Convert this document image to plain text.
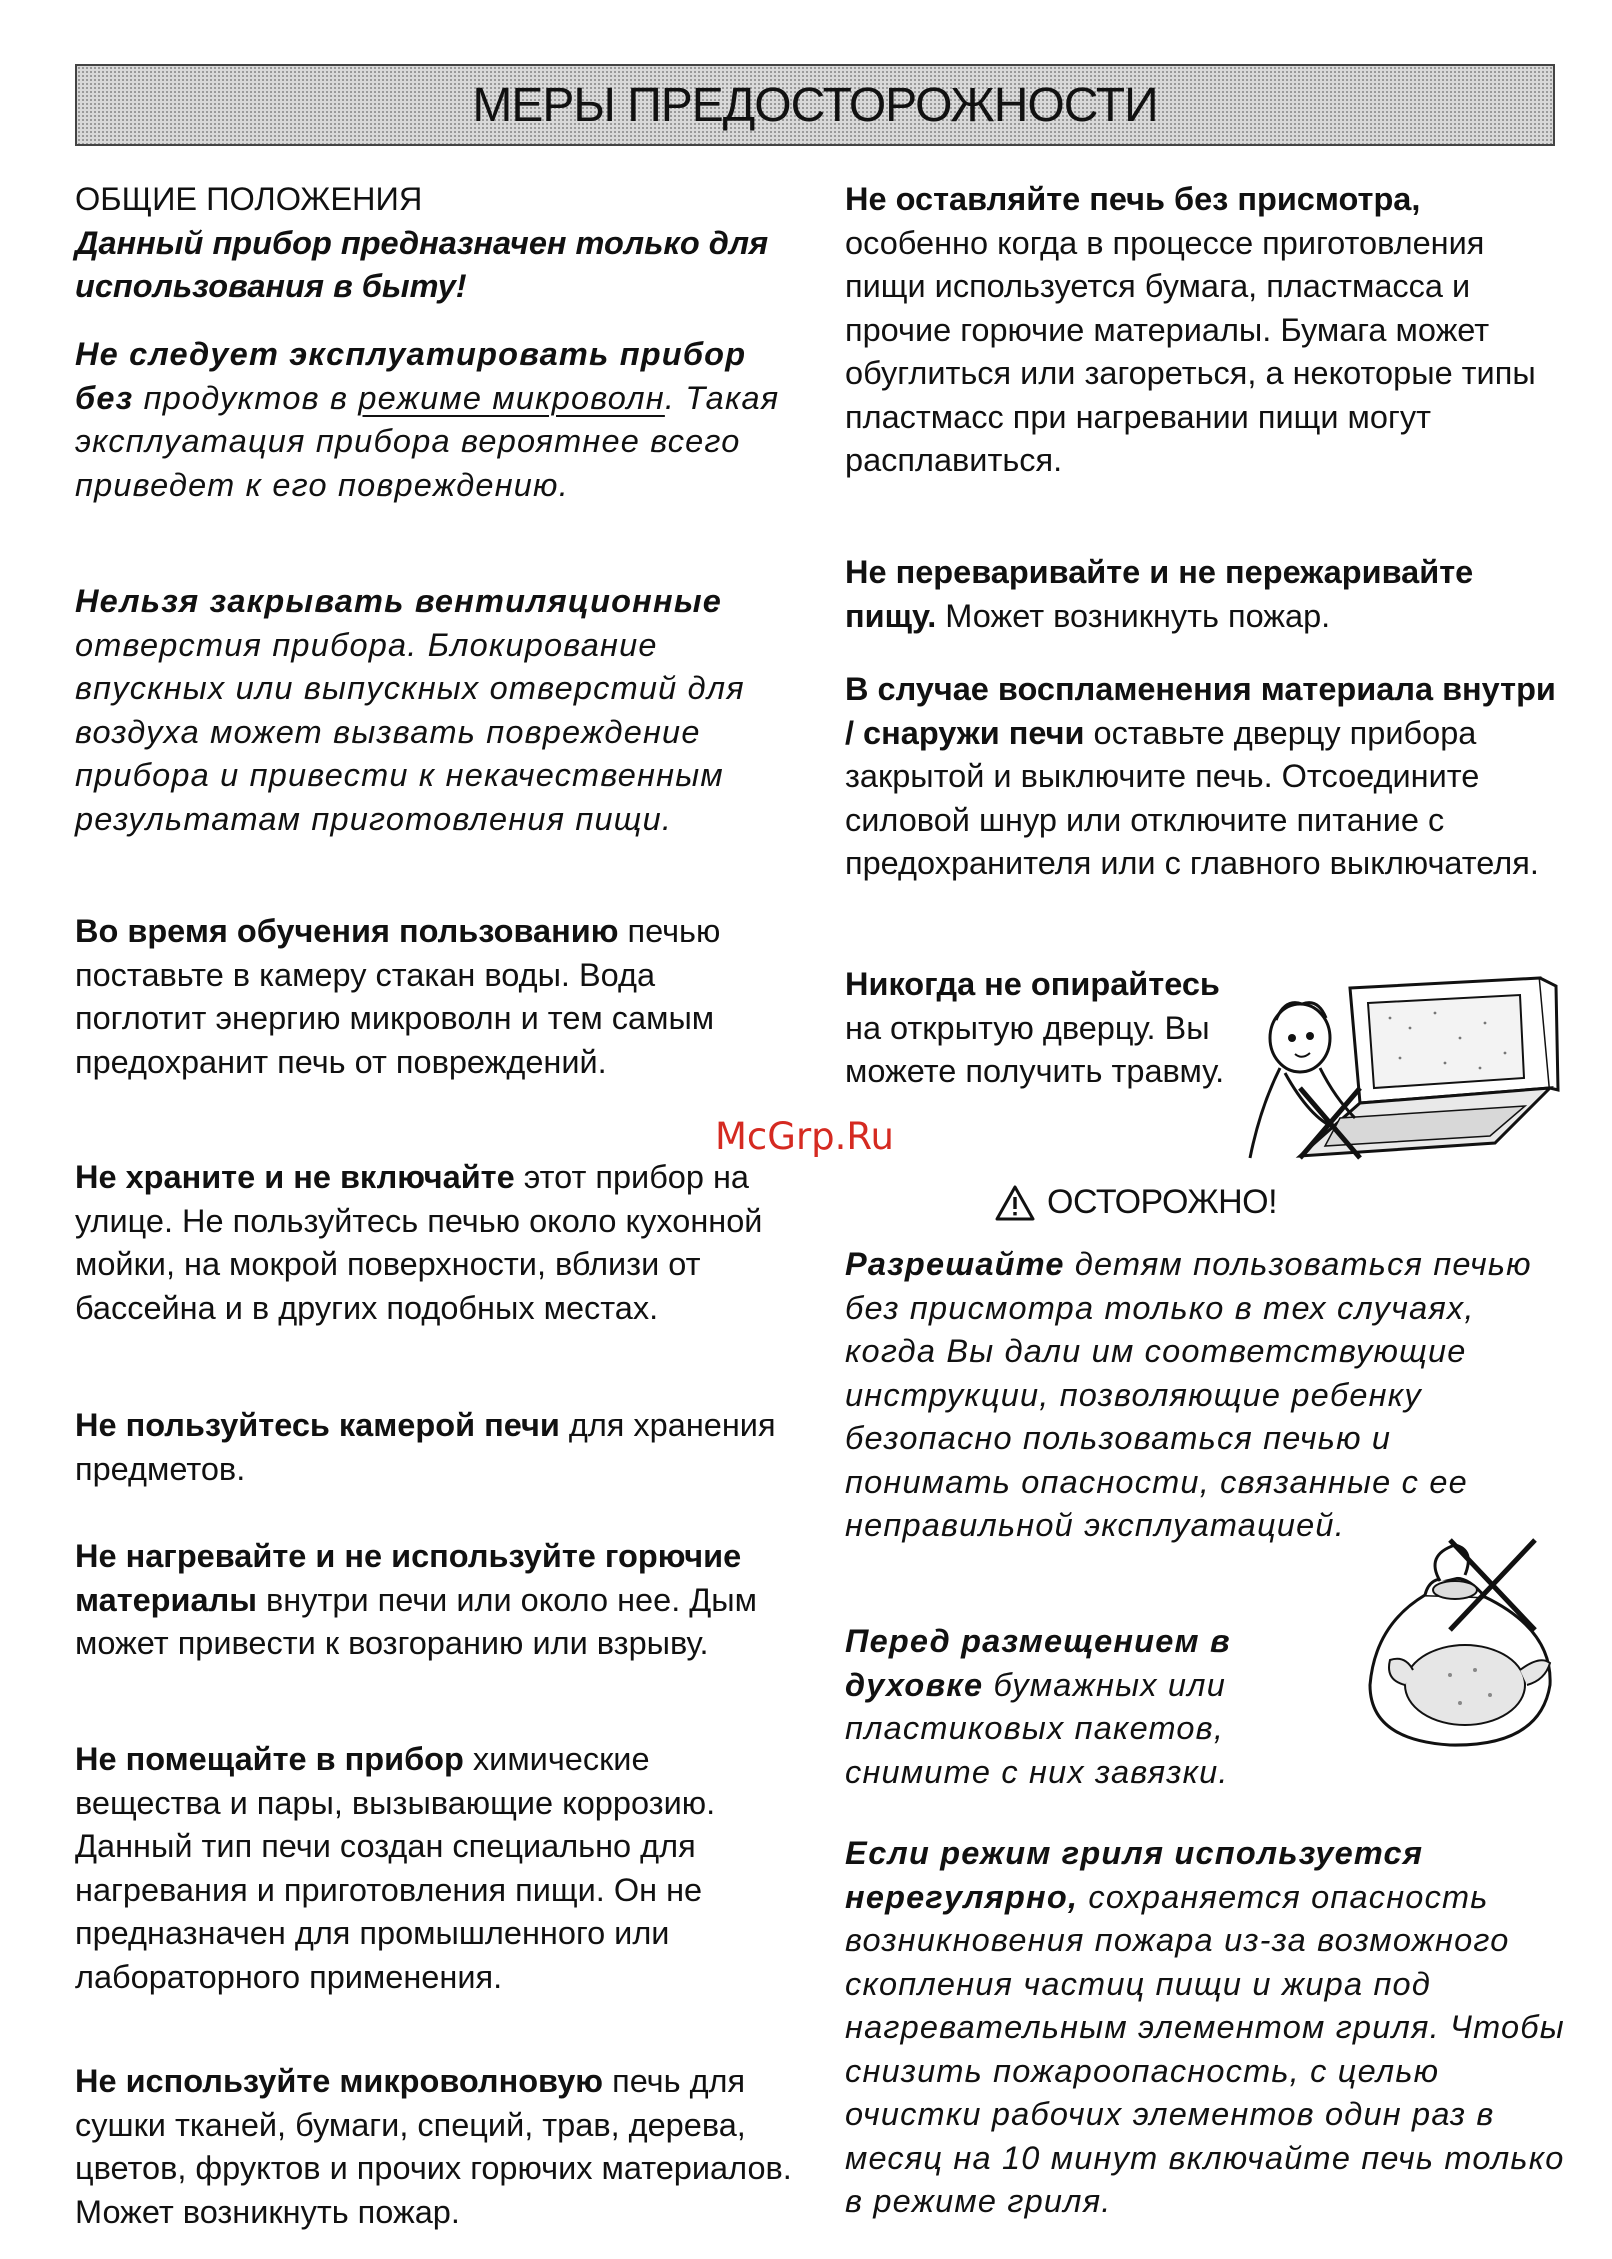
МЕРЫ ПРЕДОСТОРОЖНОСТИ
McGrp.Ru

ОБЩИЕ ПОЛОЖЕНИЯ

Данный прибор предназначен только для использования в быту!

Не следует эксплуатировать прибор без продуктов в режиме микроволн. Такая эксплуатация прибора вероятнее всего приведет к его повреждению.

Нельзя закрывать вентиляционные отверстия прибора. Блокирование впускных или выпускных отверстий для воздуха может вызвать повреждение прибора и привести к некачественным результатам приготовления пищи.

Во время обучения пользованию печью поставьте в камеру стакан воды. Вода поглотит энергию микроволн и тем самым предохранит печь от повреждений.

Не храните и не включайте этот прибор на улице. Не пользуйтесь печью около кухонной мойки, на мокрой поверхности, вблизи от бассейна и в других подобных местах.

Не пользуйтесь камерой печи для хранения предметов.

Не нагревайте и не используйте горючие материалы внутри печи или около нее. Дым может привести к возгоранию или взрыву.

Не помещайте в прибор химические вещества и пары, вызывающие коррозию. Данный тип печи создан специально для нагревания и приготовления пищи. Он не предназначен для промышленного или лабораторного применения.

Не используйте микроволновую печь для сушки тканей, бумаги, специй, трав, дерева, цветов, фруктов и прочих горючих материалов. Может возникнуть пожар.

Не оставляйте печь без присмотра, особенно когда в процессе приготовления пищи используется бумага, пластмасса и прочие горючие материалы. Бумага может обуглиться или загореться, а некоторые типы пластмасс при нагревании пищи могут расплавиться.

Не переваривайте и не пережаривайте пищу. Может возникнуть пожар.

В случае воспламенения материала внутри / снаружи печи оставьте дверцу прибора закрытой и выключите печь. Отсоедините силовой шнур или отключите питание с предохранителя или с главного выключателя.

Никогда не опирайтесь на открытую дверцу. Вы можете получить травму.

Разрешайте детям пользоваться печью без присмотра только в тех случаях, когда Вы дали им соответствующие инструкции, позволяющие ребенку безопасно пользоваться печью и понимать опасности, связанные с ее неправильной эксплуатацией.

Перед размещением в духовке бумажных или пластиковых пакетов, снимите с них завязки.

Если режим гриля используется нерегулярно, сохраняется опасность возникновения пожара из-за возможного скопления частиц пищи и жира под нагревательным элементом гриля. Чтобы снизить пожароопасность, с целью очистки рабочих элементов один раз в месяц на 10 минут включайте печь только в режиме гриля.

ОСТОРОЖНО!
